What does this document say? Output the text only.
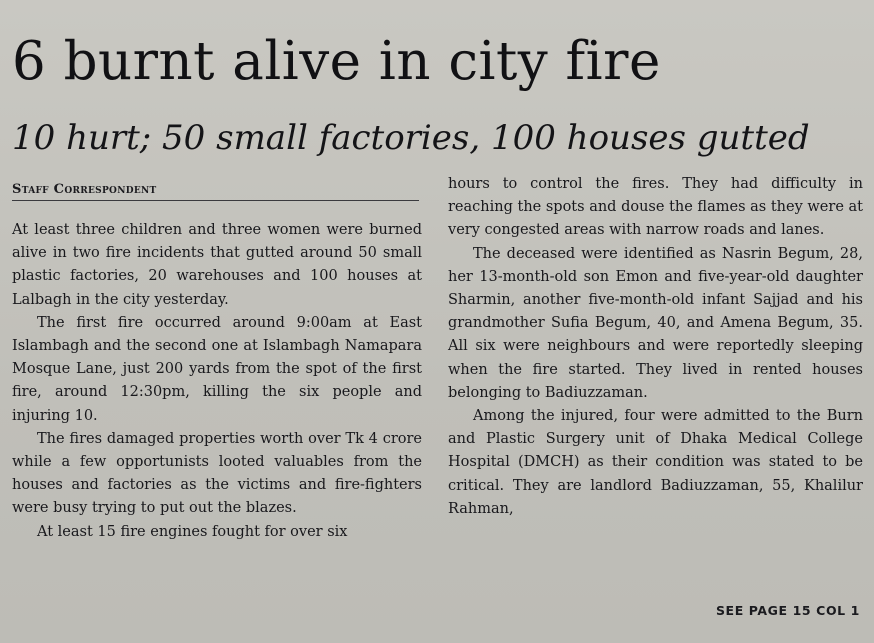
6 burnt alive in city fire
10 hurt; 50 small factories, 100 houses gutted
Staff Correspondent

At least three children and three women were burned alive in two fire incidents that gutted around 50 small plastic factories, 20 warehouses and 100 houses at Lalbagh in the city yesterday.

The first fire occurred around 9:00am at East Islambagh and the second one at Islambagh Namapara Mosque Lane, just 200 yards from the spot of the first fire, around 12:30pm, killing the six people and injuring 10.

The fires damaged properties worth over Tk 4 crore while a few opportunists looted valuables from the houses and factories as the victims and fire-fighters were busy trying to put out the blazes.

At least 15 fire engines fought for over six

hours to control the fires. They had difficulty in reaching the spots and douse the flames as they were at very congested areas with narrow roads and lanes.

The deceased were identified as Nasrin Begum, 28, her 13-month-old son Emon and five-year-old daughter Sharmin, another five-month-old infant Sajjad and his grandmother Sufia Begum, 40, and Amena Begum, 35. All six were neighbours and were reportedly sleeping when the fire started. They lived in rented houses belonging to Badiuzzaman.

Among the injured, four were admitted to the Burn and Plastic Surgery unit of Dhaka Medical College Hospital (DMCH) as their condition was stated to be critical. They are landlord Badiuzzaman, 55, Khalilur Rahman,

SEE PAGE 15 COL 1
